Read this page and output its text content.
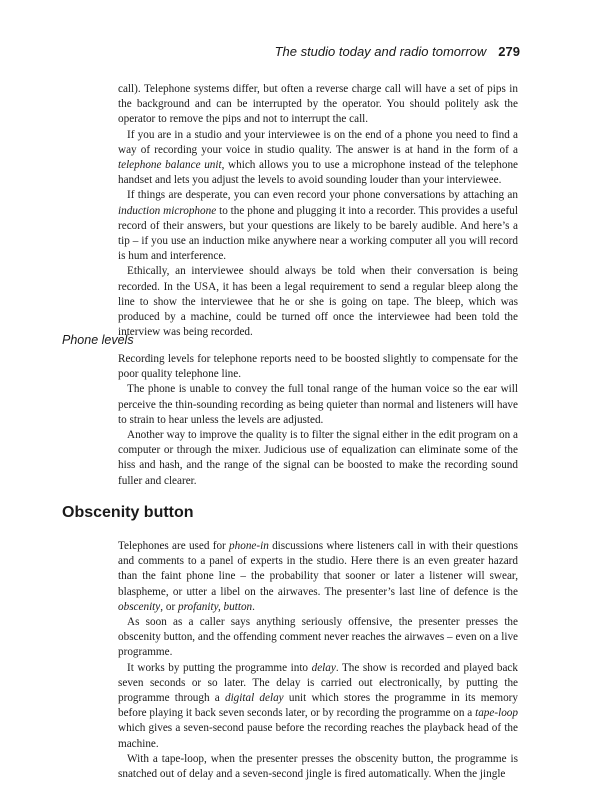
The studio today and radio tomorrow 279

call). Telephone systems differ, but often a reverse charge call will have a set of pips in the background and can be interrupted by the operator. You should politely ask the operator to remove the pips and not to interrupt the call.

If you are in a studio and your interviewee is on the end of a phone you need to find a way of recording your voice in studio quality. The answer is at hand in the form of a telephone balance unit, which allows you to use a microphone instead of the telephone handset and lets you adjust the levels to avoid sounding louder than your interviewee.

If things are desperate, you can even record your phone conversations by attaching an induction microphone to the phone and plugging it into a recorder. This provides a useful record of their answers, but your questions are likely to be barely audible. And here’s a tip – if you use an induction mike anywhere near a working computer all you will record is hum and interference.

Ethically, an interviewee should always be told when their conversation is being recorded. In the USA, it has been a legal requirement to send a regular bleep along the line to show the interviewee that he or she is going on tape. The bleep, which was produced by a machine, could be turned off once the interviewee had been told the interview was being recorded.

Phone levels

Recording levels for telephone reports need to be boosted slightly to compensate for the poor quality telephone line.

The phone is unable to convey the full tonal range of the human voice so the ear will perceive the thin-sounding recording as being quieter than normal and listeners will have to strain to hear unless the levels are adjusted.

Another way to improve the quality is to filter the signal either in the edit program on a computer or through the mixer. Judicious use of equalization can eliminate some of the hiss and hash, and the range of the signal can be boosted to make the recording sound fuller and clearer.

Obscenity button

Telephones are used for phone-in discussions where listeners call in with their questions and comments to a panel of experts in the studio. Here there is an even greater hazard than the faint phone line – the probability that sooner or later a listener will swear, blaspheme, or utter a libel on the airwaves. The presenter’s last line of defence is the obscenity, or profanity, button.

As soon as a caller says anything seriously offensive, the presenter presses the obscenity button, and the offending comment never reaches the airwaves – even on a live programme.

It works by putting the programme into delay. The show is recorded and played back seven seconds or so later. The delay is carried out electronically, by putting the programme through a digital delay unit which stores the programme in its memory before playing it back seven seconds later, or by recording the programme on a tape-loop which gives a seven-second pause before the recording reaches the playback head of the machine.

With a tape-loop, when the presenter presses the obscenity button, the programme is snatched out of delay and a seven-second jingle is fired automatically. When the jingle
